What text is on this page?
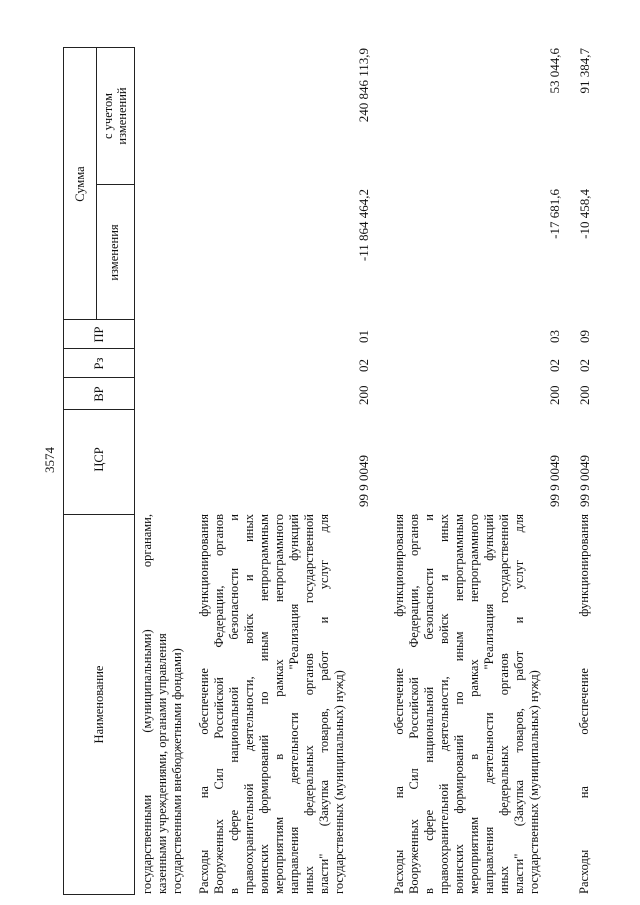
3574
Наименование
ЦСР
ВР
Рз
ПР
Сумма
изменения
с учетом изменений
государственными (муниципальными) органами, казенными учреждениями, органами управления государственными внебюджетными фондами) Расходы на обеспечение функционирования Вооруженных Сил Российской Федерации, органов в сфере национальной безопасности и правоохранительной деятельности, войск и иных воинских формирований по иным непрограммным мероприятиям в рамках непрограммного направления деятельности "Реализация функций иных федеральных органов государственной власти" (Закупка товаров, работ и услуг для государственных (муниципальных) нужд)
99 9 0049
200
02
01
-11 864 464,2
240 846 113,9
Расходы на обеспечение функционирования Вооруженных Сил Российской Федерации, органов в сфере национальной безопасности и правоохранительной деятельности, войск и иных воинских формирований по иным непрограммным мероприятиям в рамках непрограммного направления деятельности "Реализация функций иных федеральных органов государственной власти" (Закупка товаров, работ и услуг для государственных (муниципальных) нужд)
99 9 0049
200
02
03
-17 681,6
53 044,6
Расходы на обеспечение функционирования
99 9 0049
200
02
09
-10 458,4
91 384,7
